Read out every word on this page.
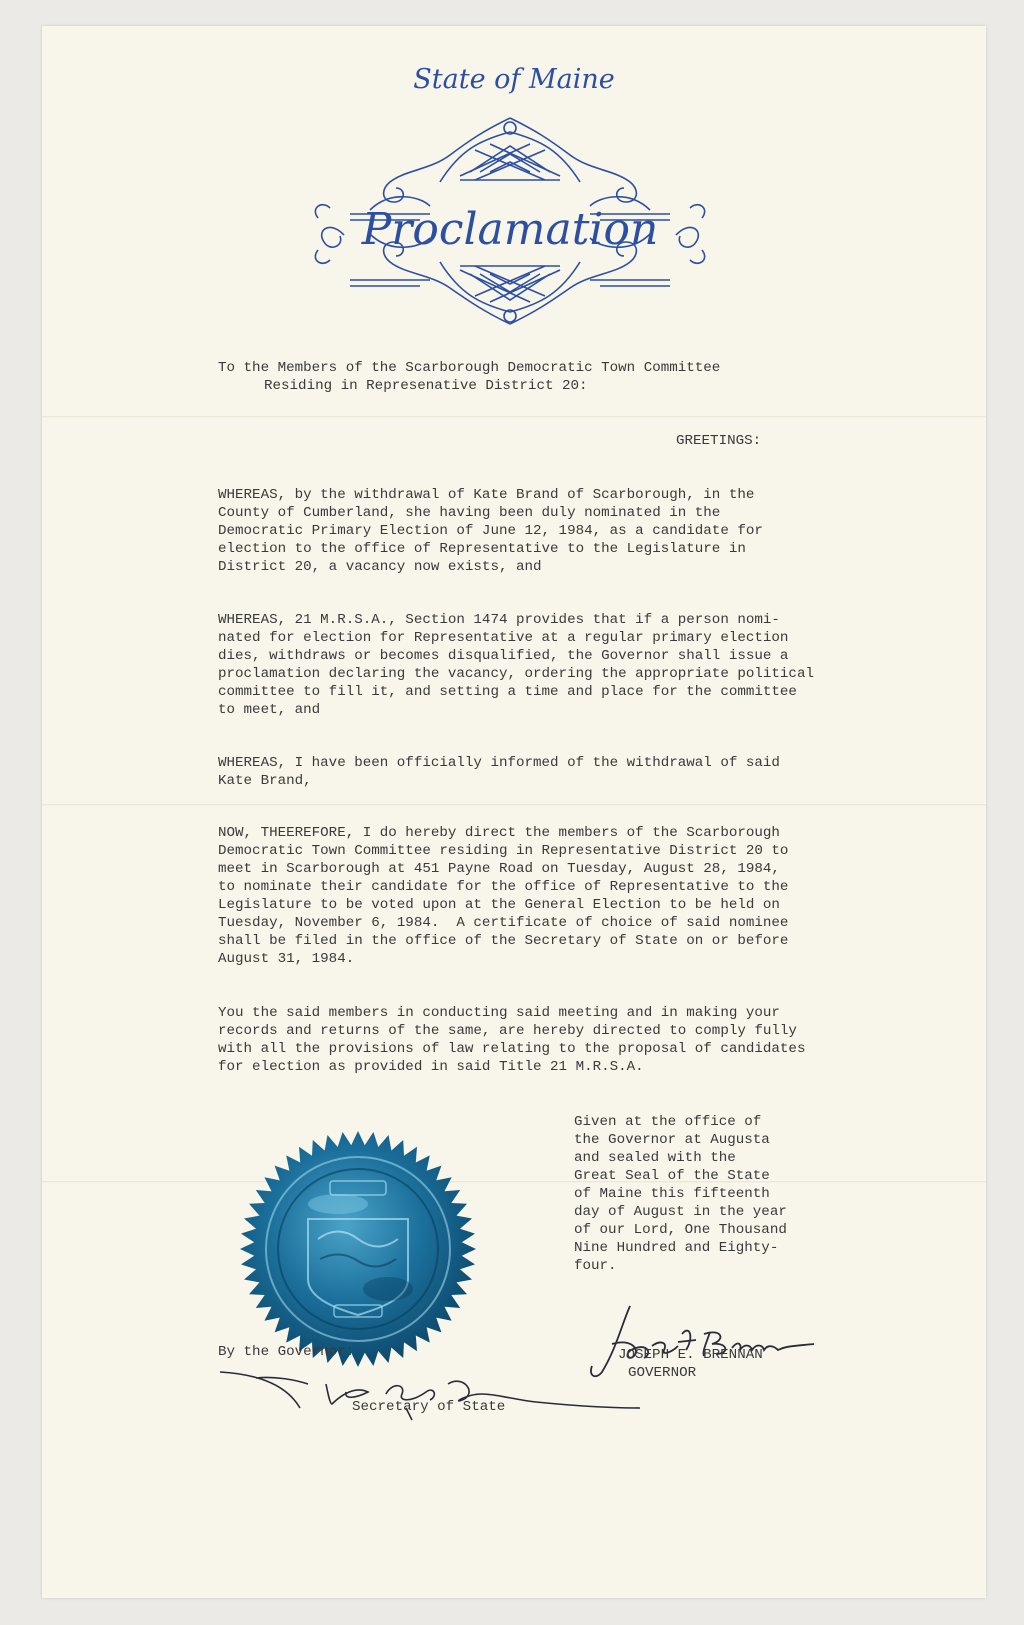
State of Maine
Proclamation
To the Members of the Scarborough Democratic Town Committee
Residing in Represenative District 20:
GREETINGS:
WHEREAS, by the withdrawal of Kate Brand of Scarborough, in the
County of Cumberland, she having been duly nominated in the
Democratic Primary Election of June 12, 1984, as a candidate for
election to the office of Representative to the Legislature in
District 20, a vacancy now exists, and
WHEREAS, 21 M.R.S.A., Section 1474 provides that if a person nomi-
nated for election for Representative at a regular primary election
dies, withdraws or becomes disqualified, the Governor shall issue a
proclamation declaring the vacancy, ordering the appropriate political
committee to fill it, and setting a time and place for the committee
to meet, and
WHEREAS, I have been officially informed of the withdrawal of said
Kate Brand,
NOW, THEEREFORE, I do hereby direct the members of the Scarborough
Democratic Town Committee residing in Representative District 20 to
meet in Scarborough at 451 Payne Road on Tuesday, August 28, 1984,
to nominate their candidate for the office of Representative to the
Legislature to be voted upon at the General Election to be held on
Tuesday, November 6, 1984.  A certificate of choice of said nominee
shall be filed in the office of the Secretary of State on or before
August 31, 1984.
You the said members in conducting said meeting and in making your
records and returns of the same, are hereby directed to comply fully
with all the provisions of law relating to the proposal of candidates
for election as provided in said Title 21 M.R.S.A.
Given at the office of
the Governor at Augusta
and sealed with the
Great Seal of the State
of Maine this fifteenth
day of August in the year
of our Lord, One Thousand
Nine Hundred and Eighty-
four.
JOSEPH E. BRENNAN
GOVERNOR
By the Governor:
Secretary of State
